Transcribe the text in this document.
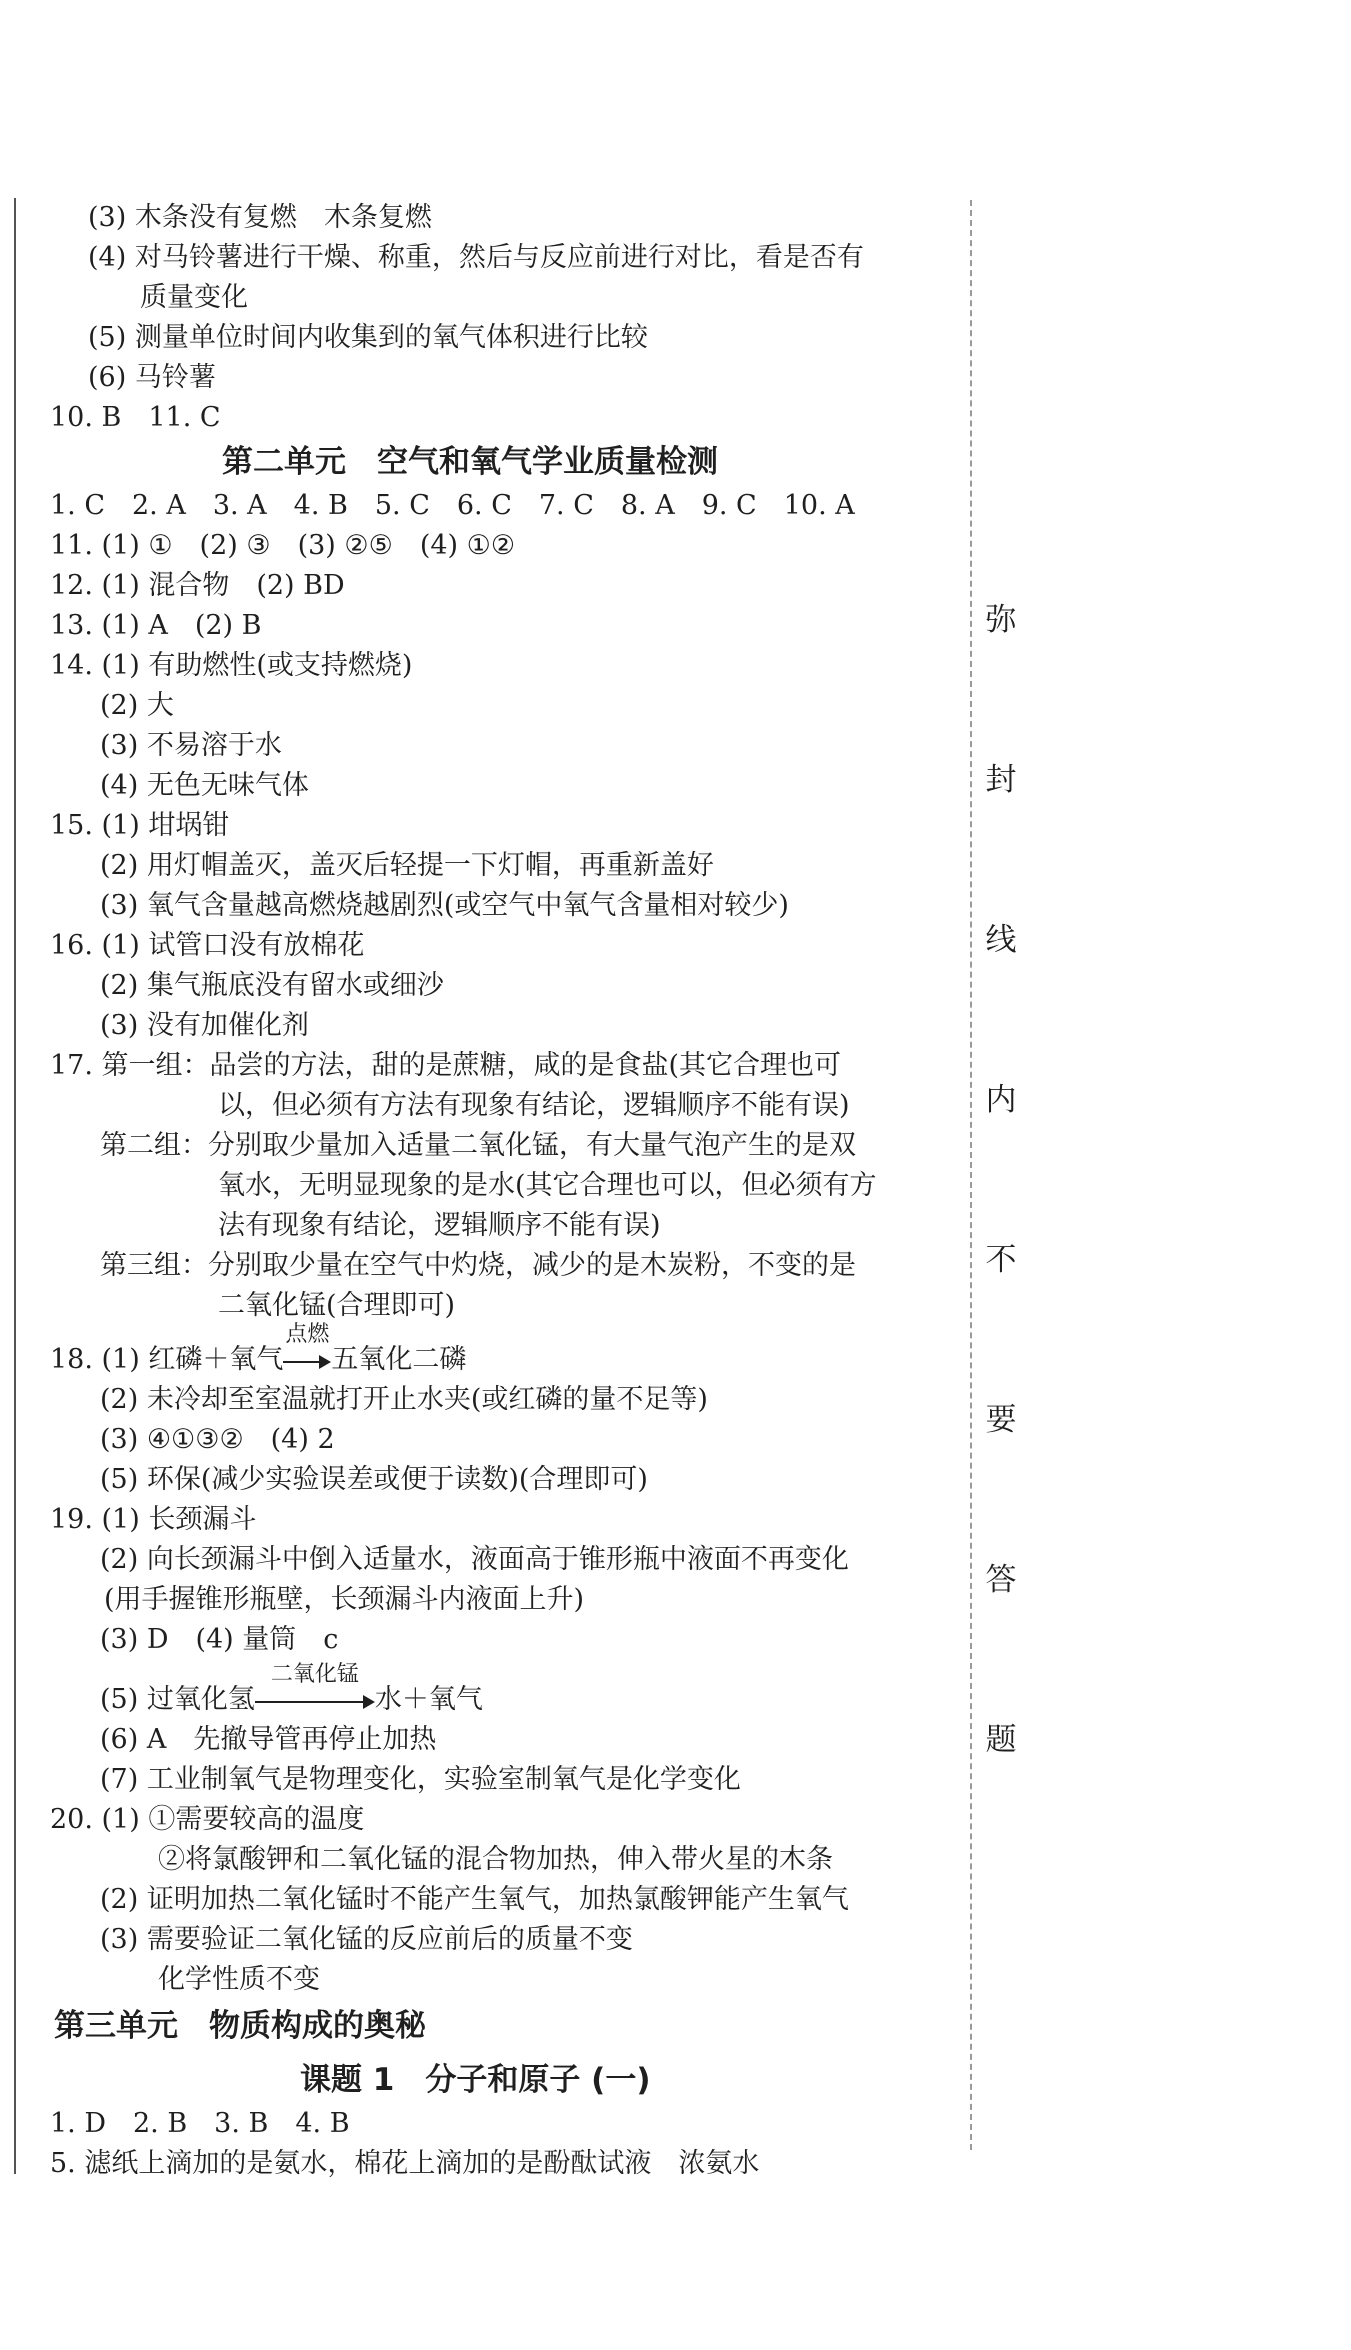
(3) 木条没有复燃　木条复燃
(4) 对马铃薯进行干燥、称重，然后与反应前进行对比，看是否有
质量变化
(5) 测量单位时间内收集到的氧气体积进行比较
(6) 马铃薯
10. B　11. C
第二单元　空气和氧气学业质量检测
1. C　2. A　3. A　4. B　5. C　6. C　7. C　8. A　9. C　10. A
11. (1) ①　(2) ③　(3) ②⑤　(4) ①②
12. (1) 混合物　(2) BD
13. (1) A　(2) B
14. (1) 有助燃性(或支持燃烧)
(2) 大
(3) 不易溶于水
(4) 无色无味气体
15. (1) 坩埚钳
(2) 用灯帽盖灭，盖灭后轻提一下灯帽，再重新盖好
(3) 氧气含量越高燃烧越剧烈(或空气中氧气含量相对较少)
16. (1) 试管口没有放棉花
(2) 集气瓶底没有留水或细沙
(3) 没有加催化剂
17. 第一组：品尝的方法，甜的是蔗糖，咸的是食盐(其它合理也可
以，但必须有方法有现象有结论，逻辑顺序不能有误)
第二组：分别取少量加入适量二氧化锰，有大量气泡产生的是双
氧水，无明显现象的是水(其它合理也可以，但必须有方
法有现象有结论，逻辑顺序不能有误)
第三组：分别取少量在空气中灼烧，减少的是木炭粉，不变的是
二氧化锰(合理即可)
18. (1) 红磷＋氧气
点燃
五氧化二磷
(2) 未冷却至室温就打开止水夹(或红磷的量不足等)
(3) ④①③②　(4) 2
(5) 环保(减少实验误差或便于读数)(合理即可)
19. (1) 长颈漏斗
(2) 向长颈漏斗中倒入适量水，液面高于锥形瓶中液面不再变化
(用手握锥形瓶壁，长颈漏斗内液面上升)
(3) D　(4) 量筒　c
(5) 过氧化氢
二氧化锰
水＋氧气
(6) A　先撤导管再停止加热
(7) 工业制氧气是物理变化，实验室制氧气是化学变化
20. (1) ①需要较高的温度
②将氯酸钾和二氧化锰的混合物加热，伸入带火星的木条
(2) 证明加热二氧化锰时不能产生氧气，加热氯酸钾能产生氧气
(3) 需要验证二氧化锰的反应前后的质量不变
化学性质不变
第三单元　物质构成的奥秘
课题 1　分子和原子 (一)
1. D　2. B　3. B　4. B
5. 滤纸上滴加的是氨水，棉花上滴加的是酚酞试液　浓氨水
弥
封
线
内
不
要
答
题
